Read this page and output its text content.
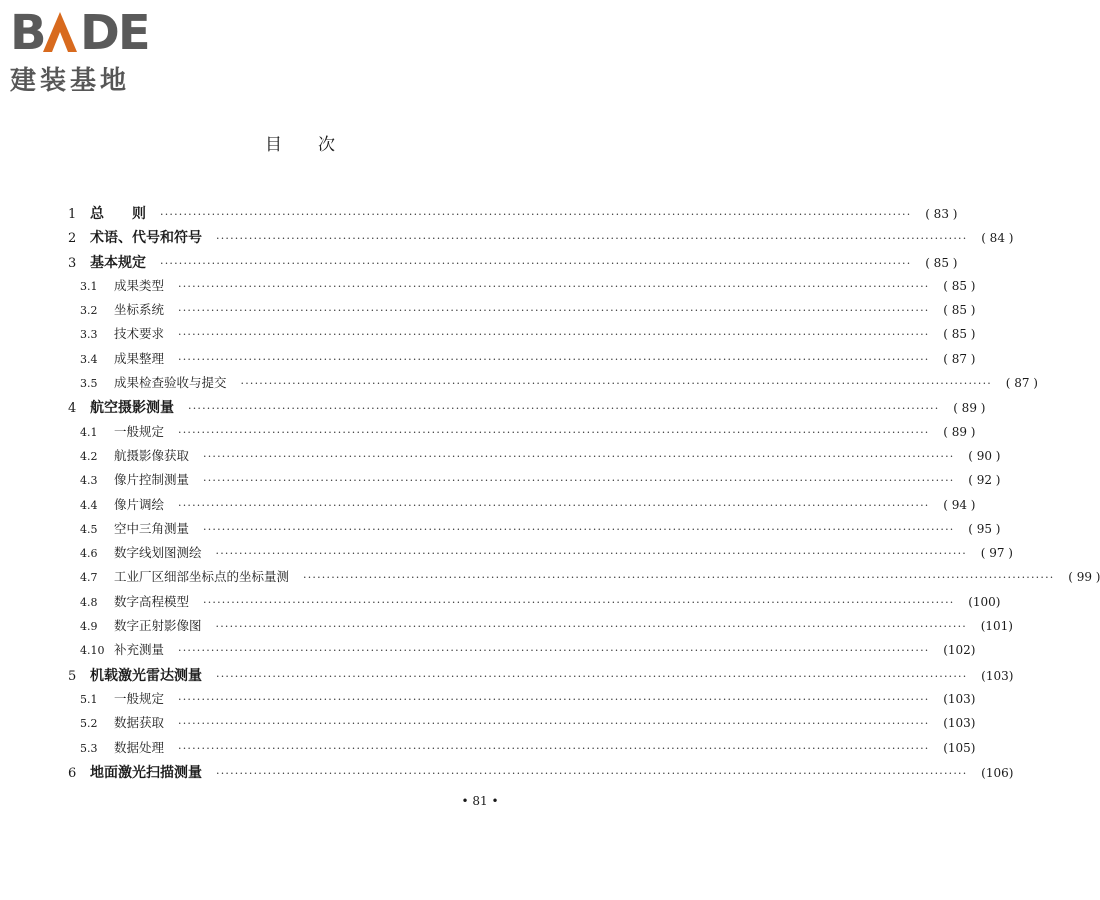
B DE
建装基地
目次
1 总　　则 ································································································································································	( 83 )
2 术语、代号和符号 ································································································································································	( 84 )
3 基本规定 ································································································································································	( 85 )
3.1	成果类型 ································································································································································	( 85 )
3.2	坐标系统 ································································································································································	( 85 )
3.3	技术要求 ································································································································································	( 85 )
3.4	成果整理 ································································································································································	( 87 )
3.5	成果检查验收与提交 ································································································································································	( 87 )
4 航空摄影测量 ································································································································································	( 89 )
4.1	一般规定 ································································································································································	( 89 )
4.2	航摄影像获取 ································································································································································	( 90 )
4.3	像片控制测量 ································································································································································	( 92 )
4.4	像片调绘 ································································································································································	( 94 )
4.5	空中三角测量 ································································································································································	( 95 )
4.6	数字线划图测绘 ································································································································································	( 97 )
4.7	工业厂区细部坐标点的坐标量测 ································································································································································	( 99 )
4.8	数字高程模型 ································································································································································	(100)
4.9	数字正射影像图 ································································································································································	(101)
4.10 补充测量 ································································································································································	(102)
5 机载激光雷达测量 ································································································································································	(103)
5.1	一般规定 ································································································································································	(103)
5.2	数据获取 ································································································································································	(103)
5.3	数据处理 ································································································································································	(105)
6 地面激光扫描测量 ································································································································································	(106)
• 81 •
